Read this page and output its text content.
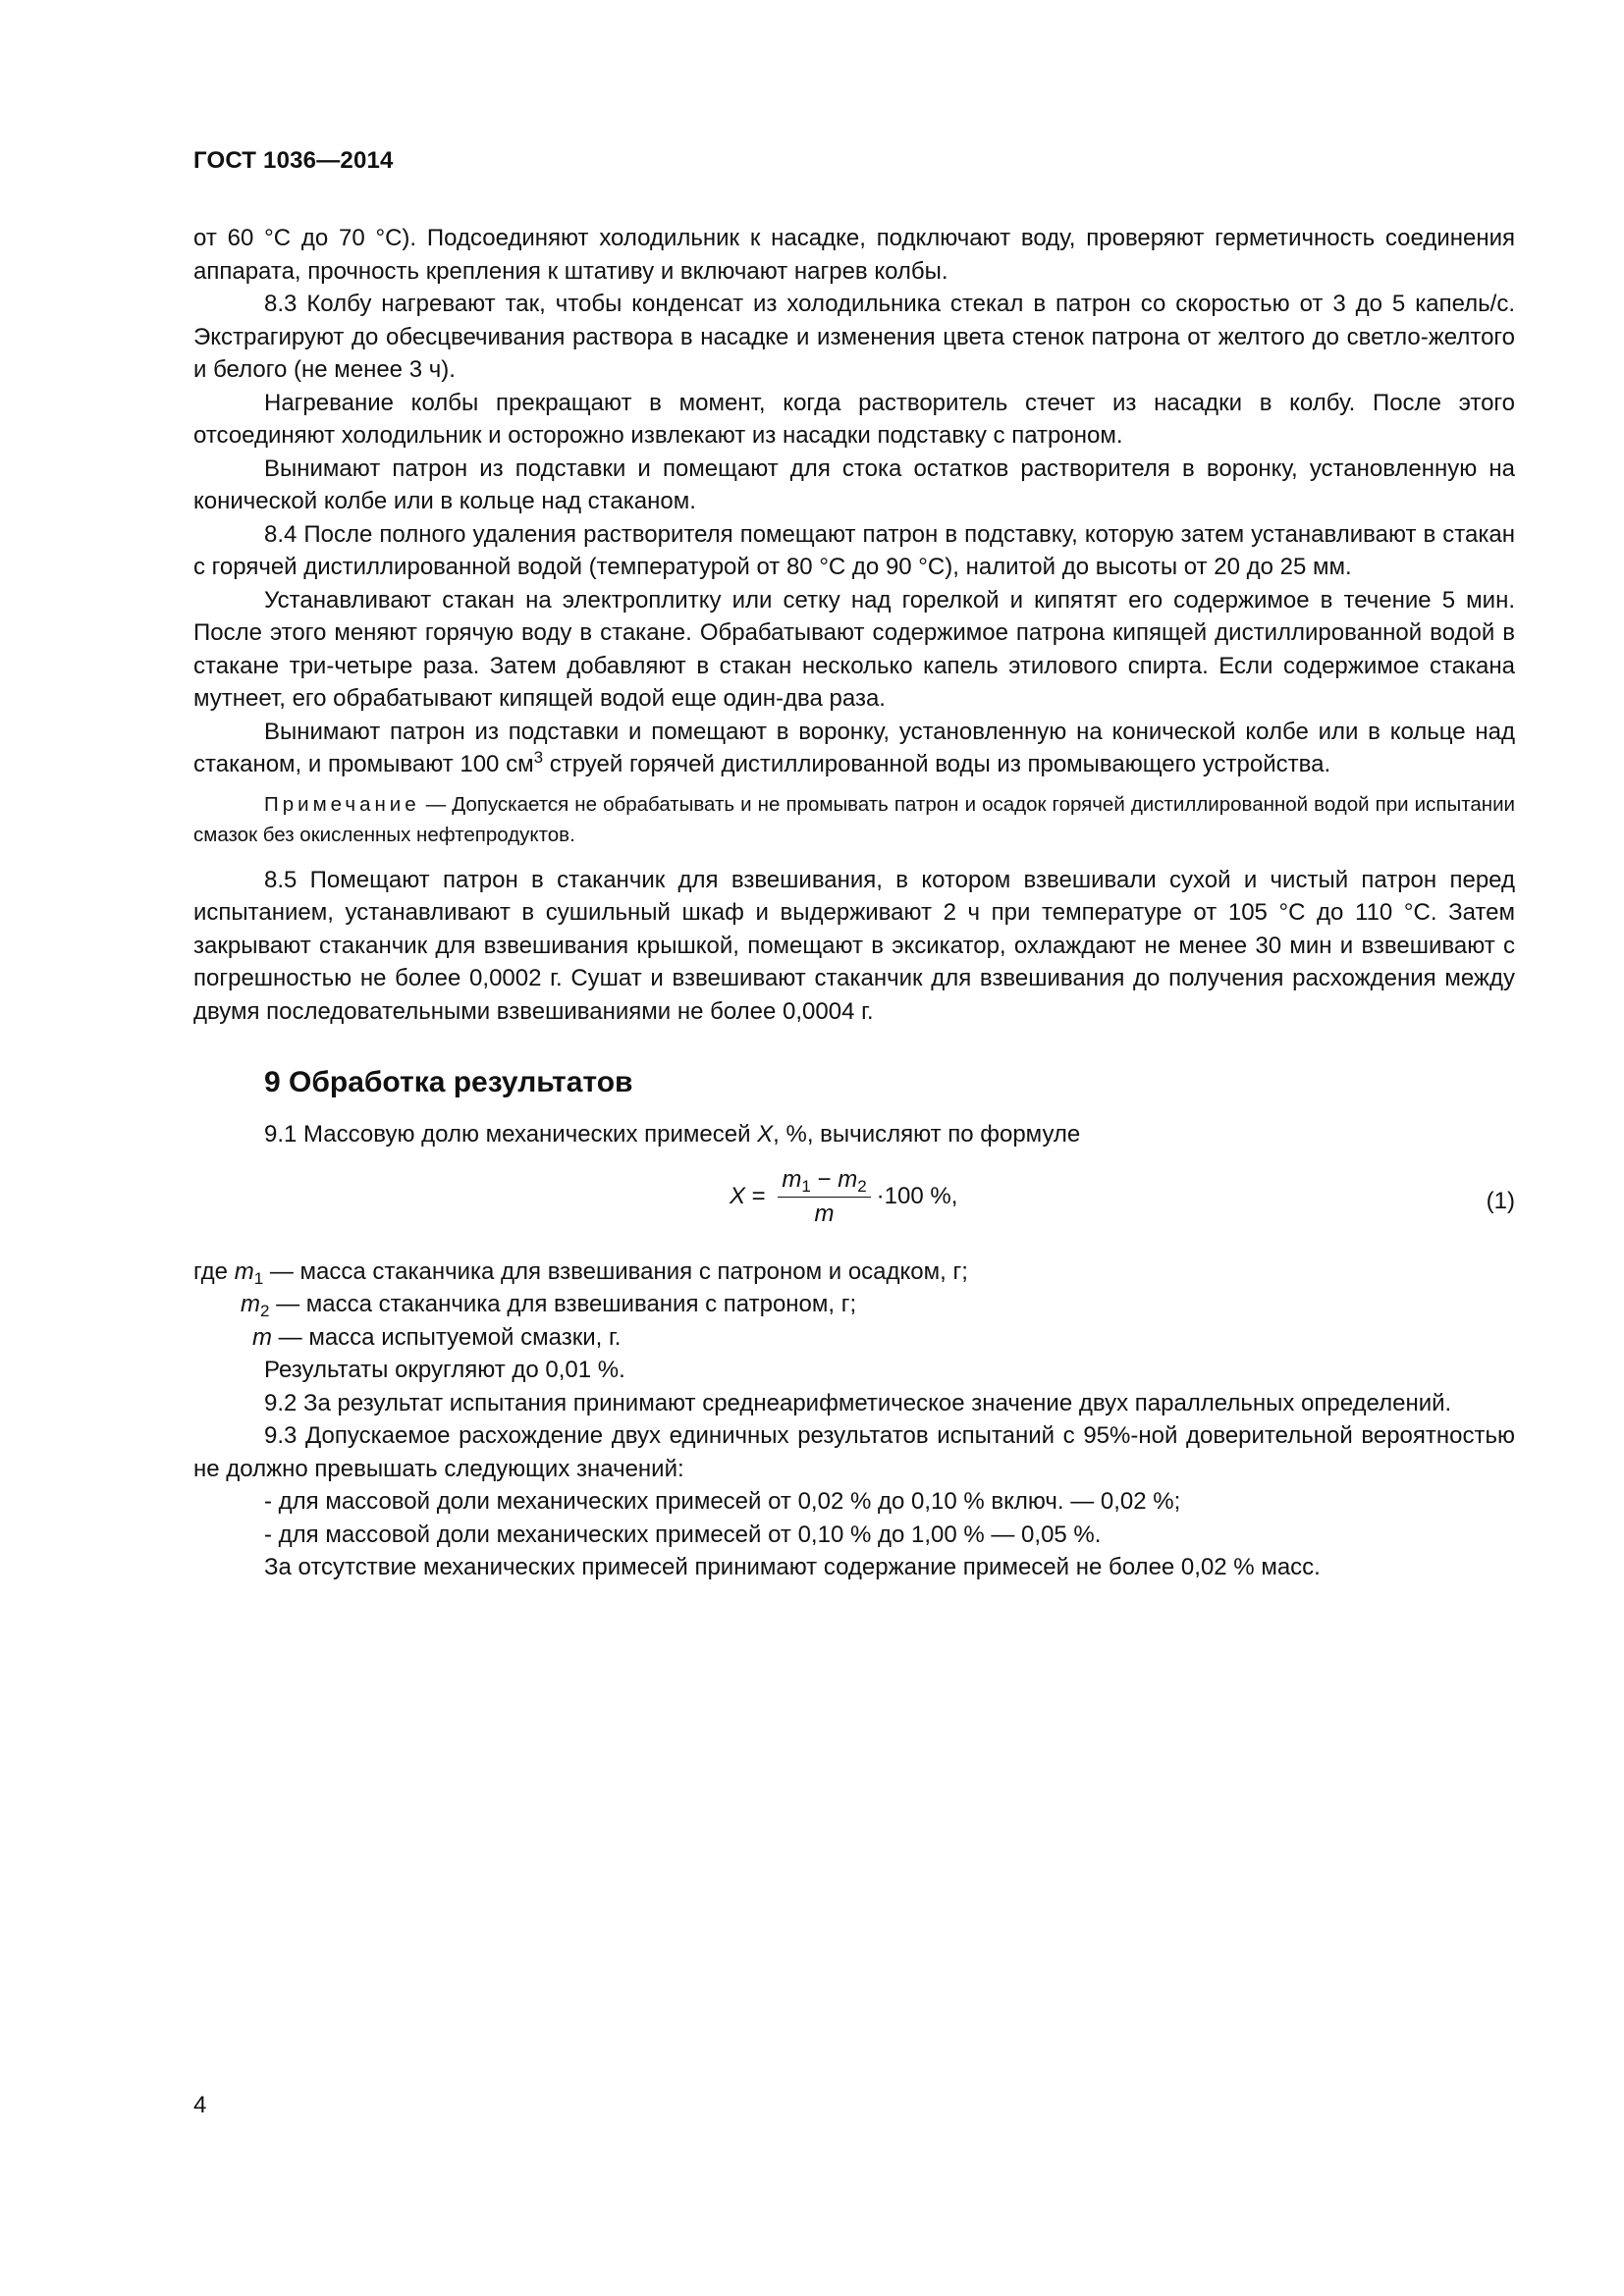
ГОСТ 1036—2014

от 60 °С до 70 °С). Подсоединяют холодильник к насадке, подключают воду, проверяют герметичность соединения аппарата, прочность крепления к штативу и включают нагрев колбы.

8.3 Колбу нагревают так, чтобы конденсат из холодильника стекал в патрон со скоростью от 3 до 5 капель/с. Экстрагируют до обесцвечивания раствора в насадке и изменения цвета стенок патрона от желтого до светло-желтого и белого (не менее 3 ч).

Нагревание колбы прекращают в момент, когда растворитель стечет из насадки в колбу. После этого отсоединяют холодильник и осторожно извлекают из насадки подставку с патроном.

Вынимают патрон из подставки и помещают для стока остатков растворителя в воронку, установленную на конической колбе или в кольце над стаканом.

8.4 После полного удаления растворителя помещают патрон в подставку, которую затем устанавливают в стакан с горячей дистиллированной водой (температурой от 80 °С до 90 °С), налитой до высоты от 20 до 25 мм.

Устанавливают стакан на электроплитку или сетку над горелкой и кипятят его содержимое в течение 5 мин. После этого меняют горячую воду в стакане. Обрабатывают содержимое патрона кипящей дистиллированной водой в стакане три-четыре раза. Затем добавляют в стакан несколько капель этилового спирта. Если содержимое стакана мутнеет, его обрабатывают кипящей водой еще один-два раза.

Вынимают патрон из подставки и помещают в воронку, установленную на конической колбе или в кольце над стаканом, и промывают 100 $см^3$ струей горячей дистиллированной воды из промывающего устройства.

Примечание — Допускается не обрабатывать и не промывать патрон и осадок горячей дистиллированной водой при испытании смазок без окисленных нефтепродуктов.

8.5 Помещают патрон в стаканчик для взвешивания, в котором взвешивали сухой и чистый патрон перед испытанием, устанавливают в сушильный шкаф и выдерживают 2 ч при температуре от 105 °С до 110 °С. Затем закрывают стаканчик для взвешивания крышкой, помещают в эксикатор, охлаждают не менее 30 мин и взвешивают с погрешностью не более 0,0002 г. Сушат и взвешивают стаканчик для взвешивания до получения расхождения между двумя последовательными взвешиваниями не более 0,0004 г.

9 Обработка результатов

9.1 Массовую долю механических примесей X, %, вычисляют по формуле

$X = \frac{m_1 - m_2}{m} \cdot 100$ %,	(1)

где $m_1$ — масса стаканчика для взвешивания с патроном и осадком, г;

$m_2$ — масса стаканчика для взвешивания с патроном, г;

m — масса испытуемой смазки, г.

Результаты округляют до 0,01 %.

9.2 За результат испытания принимают среднеарифметическое значение двух параллельных определений.

9.3 Допускаемое расхождение двух единичных результатов испытаний с 95%-ной доверительной вероятностью не должно превышать следующих значений:

- для массовой доли механических примесей от 0,02 % до 0,10 % включ. — 0,02 %;

- для массовой доли механических примесей от 0,10 % до 1,00 % — 0,05 %.

За отсутствие механических примесей принимают содержание примесей не более 0,02 % масс.

4
